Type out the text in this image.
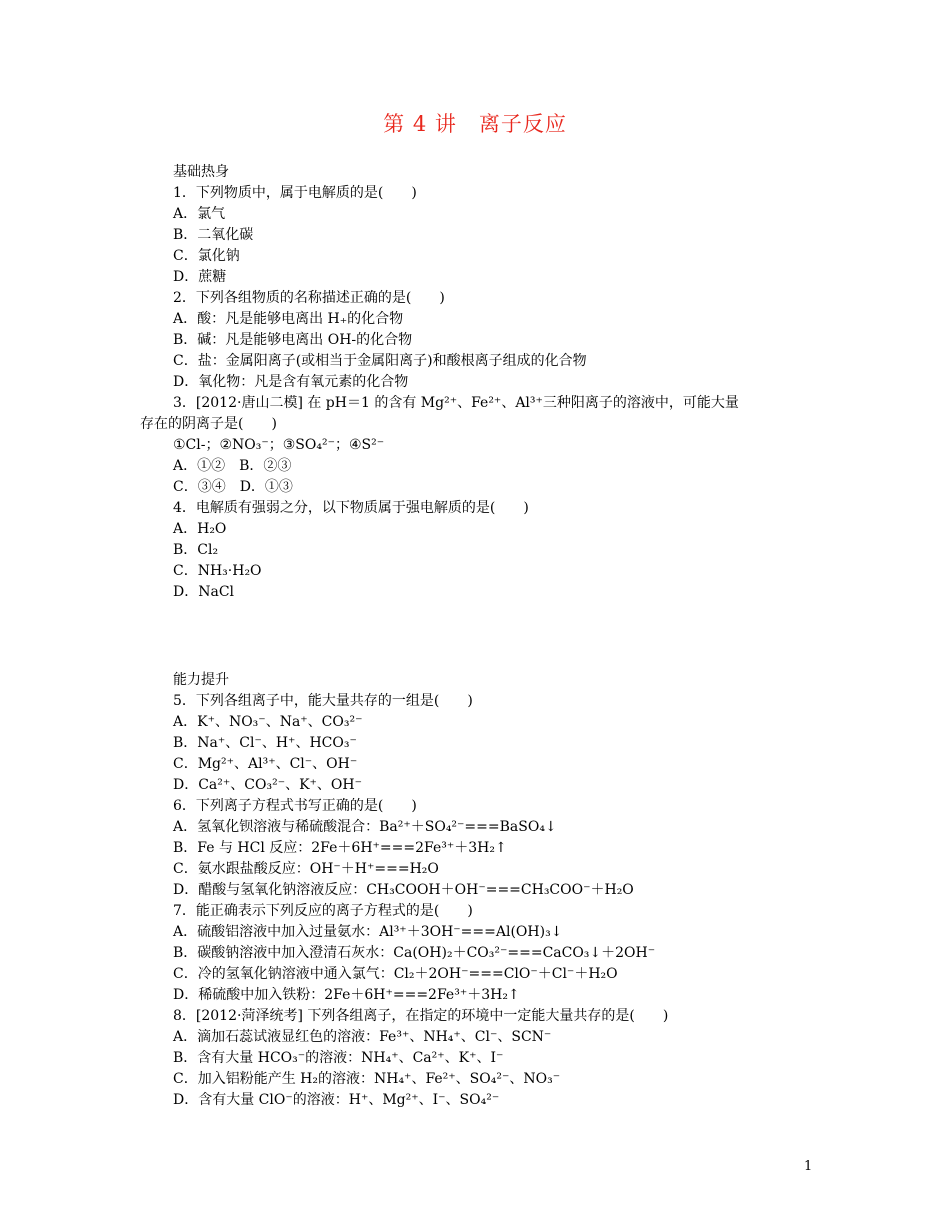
第 4 讲　离子反应
基础热身
1．下列物质中，属于电解质的是(　　)
A．氯气
B．二氧化碳
C．氯化钠
D．蔗糖
2．下列各组物质的名称描述正确的是(　　)
A．酸：凡是能够电离出 H₊的化合物
B．碱：凡是能够电离出 OH-的化合物
C．盐：金属阳离子(或相当于金属阳离子)和酸根离子组成的化合物
D．氧化物：凡是含有氧元素的化合物
3．[2012·唐山二模] 在 pH＝1 的含有 Mg²⁺、Fe²⁺、Al³⁺三种阳离子的溶液中，可能大量
存在的阴离子是(　　)
①Cl-；②NO₃⁻；③SO₄²⁻；④S²⁻
A．①②　B．②③
C．③④　D．①③
4．电解质有强弱之分，以下物质属于强电解质的是(　　)
A．H₂O
B．Cl₂
C．NH₃·H₂O
D．NaCl
能力提升
5．下列各组离子中，能大量共存的一组是(　　)
A．K⁺、NO₃⁻、Na⁺、CO₃²⁻
B．Na⁺、Cl⁻、H⁺、HCO₃⁻
C．Mg²⁺、Al³⁺、Cl⁻、OH⁻
D．Ca²⁺、CO₃²⁻、K⁺、OH⁻
6．下列离子方程式书写正确的是(　　)
A．氢氧化钡溶液与稀硫酸混合：Ba²⁺＋SO₄²⁻===BaSO₄↓
B．Fe 与 HCl 反应：2Fe＋6H⁺===2Fe³⁺＋3H₂↑
C．氨水跟盐酸反应：OH⁻＋H⁺===H₂O
D．醋酸与氢氧化钠溶液反应：CH₃COOH＋OH⁻===CH₃COO⁻＋H₂O
7．能正确表示下列反应的离子方程式的是(　　)
A．硫酸铝溶液中加入过量氨水：Al³⁺＋3OH⁻===Al(OH)₃↓
B．碳酸钠溶液中加入澄清石灰水：Ca(OH)₂＋CO₃²⁻===CaCO₃↓＋2OH⁻
C．冷的氢氧化钠溶液中通入氯气：Cl₂＋2OH⁻===ClO⁻＋Cl⁻＋H₂O
D．稀硫酸中加入铁粉：2Fe＋6H⁺===2Fe³⁺＋3H₂↑
8．[2012·菏泽统考] 下列各组离子，在指定的环境中一定能大量共存的是(　　)
A．滴加石蕊试液显红色的溶液：Fe³⁺、NH₄⁺、Cl⁻、SCN⁻
B．含有大量 HCO₃⁻的溶液：NH₄⁺、Ca²⁺、K⁺、I⁻
C．加入铝粉能产生 H₂的溶液：NH₄⁺、Fe²⁺、SO₄²⁻、NO₃⁻
D．含有大量 ClO⁻的溶液：H⁺、Mg²⁺、I⁻、SO₄²⁻
1
